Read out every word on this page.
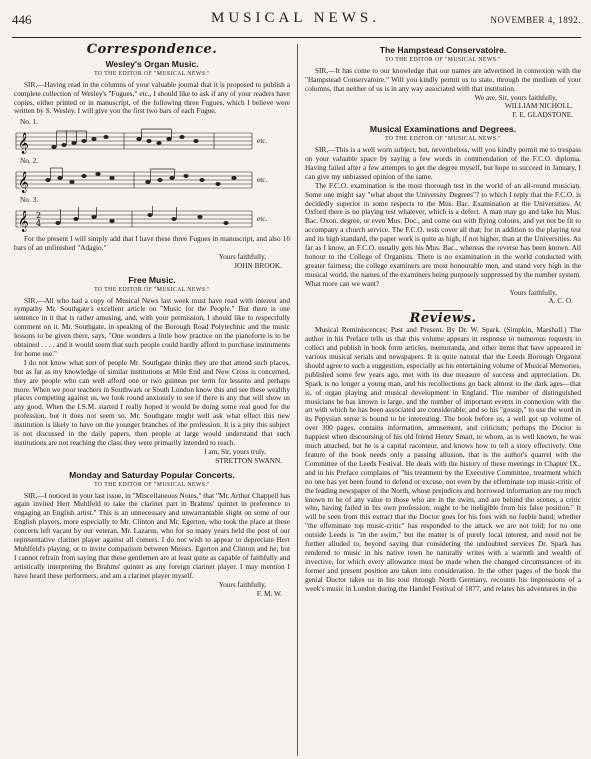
446	MUSICAL NEWS.	NOVEMBER 4, 1892.
Correspondence.
Wesley's Organ Music.
TO THE EDITOR OF "MUSICAL NEWS."

SIR,—Having read in the columns of your valuable journal that it is proposed to publish a complete collection of Wesley's "Fugues," etc., I should like to ask if any of your readers have copies, either printed or in manuscript, of the following three Fugues, which I believe were written by S. Wesley. I will give you the first two bars of each Fugue.

No. 1.
𝄞	etc.
No. 2.
𝄞	etc.
No. 3.
𝄞 2
4
etc.

For the present I will simply add that I have these three Fugues in manuscript, and also 16 bars of an unfinished "Adagio."

Yours faithfully,
JOHN BROOK.
Free Music.
TO THE EDITOR OF "MUSICAL NEWS."

SIR,—All who had a copy of Musical News last week must have read with interest and sympathy Mr. Southgate's excellent article on "Music for the People." But there is one sentence in it that is rather amusing, and, with your permission, I should like to respectfully comment on it. Mr. Southgate, in speaking of the Borough Road Polytechnic and the music lessons to be given there, says, "One wonders a little how practice on the pianoforte is to be obtained . . . . and it would seem that such people could hardly afford to purchase instruments for home use."

I do not know what sort of people Mr. Southgate thinks they are that attend such places, but as far as my knowledge of similar institutions at Mile End and New Cross is concerned, they are people who can well afford one or two guineas per term for lessons and perhaps more. When we poor teachers in Southwark or South London know this and see these wealthy places competing against us, we look round anxiously to see if there is any that will show us any good. When the I.S.M. started I really hoped it would be doing some real good for the profession, but it does not seem so. Mr. Southgate might well ask what effect this new institution is likely to have on the younger branches of the profession. It is a pity this subject is not discussed in the daily papers, then people at large would understand that such institutions are not reaching the class they were primarily intended to reach.

I am, Sir, yours truly,
STRETTON SWANN.
Monday and Saturday Popular Concerts.
TO THE EDITOR OF "MUSICAL NEWS."

SIR,—I noticed in your last issue, in "Miscellaneous Notes," that "Mr. Arthur Chappell has again invited Herr Muhlfeld to take the clarinet part in Brahms' quintet in preference to engaging an English artist." This is an unnecessary and unwarrantable slight on some of our English players, more especially to Mr. Clinton and Mr. Egerton, who took the place at these concerts left vacant by our veteran, Mr. Lazarus, who for so many years held the post of our representative clarinet player against all comers. I do not wish to appear to depreciate Herr Muhlfeld's playing, or to invite comparison between Messrs. Egerton and Clinton and he; but I cannot refrain from saying that these gentlemen are at least quite as capable of faithfully and artistically interpreting the Brahms' quintet as any foreign clarinet player. I may mention I have heard these performers, and am a clarinet player myself.

Yours faithfully,
F. M. W.
The Hampstead Conservatoire.
TO THE EDITOR OF "MUSICAL NEWS."

SIR,—It has come to our knowledge that our names are advertised in connexion with the "Hampstead Conservatoire." Will you kindly permit us to state, through the medium of your columns, that neither of us is in any way associated with that institution.

We are, Sir, yours faithfully,
WILLIAM NICHOLL.
F. E. GLADSTONE.
Musical Examinations and Degrees.
TO THE EDITOR OF "MUSICAL NEWS."

SIR,—This is a well worn subject, but, nevertheless, will you kindly permit me to trespass on your valuable space by saying a few words in commendation of the F.C.O. diploma. Having failed after a few attempts to get the degree myself, but hope to succeed in January, I can give my unbiassed opinion of the same.

The F.C.O. examination is the most thorough test in the world of an all-round musician. Some one might say "what about the University Degrees"? to which I reply that the F.C.O. is decidedly superior in some respects to the Mus. Bac. Examination at the Universities. At Oxford there is no playing test whatever, which is a defect. A man may go and take his Mus. Bac. Oxon. degree, or even Mus. Doc., and come out with flying colours, and yet not be fit to accompany a church service. The F.C.O. tests cover all that; for in addition to the playing test and its high standard, the paper work is quite as high, if not higher, than at the Universities. As far as I know, an F.C.O. usually gets his Mus. Bac., whereas the reverse has been known. All honour to the College of Organists. There is no examination in the world conducted with greater fairness; the college examiners are most honourable men, and stand very high in the musical world, the names of the examiners being purposely suppressed by the number system. What more can we want?

Yours faithfully,
A. C. O.
Reviews.

Musical Reminiscences; Past and Present. By Dr. W. Spark. (Simpkin, Marshall.) The author in his Preface tells us that this volume appears in response to numerous requests to collect and publish in book form articles, memoranda, and other items that have appeared in various musical serials and newspapers. It is quite natural that the Leeds Borough Organist should agree to such a suggestion, especially as his entertaining volume of Musical Memories, published some few years ago, met with its due measure of success and appreciation. Dr. Spark is no longer a young man, and his recollections go back almost to the dark ages—that is, of organ playing and musical development in England. The number of distinguished musicians he has known is large, and the number of important events in connexion with the art with which he has been associated are considerable; and so his "gossip," to use the word in its Pepysian sense is bound to be interesting. The book before us, a well got up volume of over 300 pages, contains information, amusement, and criticism; perhaps the Doctor is happiest when discoursing of his old friend Henry Smart, to whom, as is well known, he was much attached, but he is a capital raconteur, and knows how to tell a story effectively. One feature of the book needs only a passing allusion, that is the author's quarrel with the Committee of the Leeds Festival. He deals with the history of these meetings in Chapter IX., and in his Preface complains of "his treatment by the Executive Committee, treatment which no one has yet been found to defend or excuse, not even by the effeminate top music-critic of the leading newspaper of the North, whose prejudices and borrowed information are too much known to be of any value to those who are in the swim, and are behind the scenes, a critic who, having failed in his own profession, ought to be ineligible from his false position." It will be seen from this extract that the Doctor goes for his foes with no feeble hand; whether "the effeminate top music-critic" has responded to the attack we are not told; for no one outside Leeds is "in the swim," but the matter is of purely local interest, and need not be further alluded to, beyond saying that considering the undoubted services Dr. Spark has rendered to music in his native town he naturally writes with a warmth and wealth of invective, for which every allowance must be made when the changed circumstances of its former and present position are taken into consideration. In the other pages of the book the genial Doctor takes us in his tour through North Germany, recounts his impressions of a week's music in London during the Handel Festival of 1877, and relates his adventures in the
